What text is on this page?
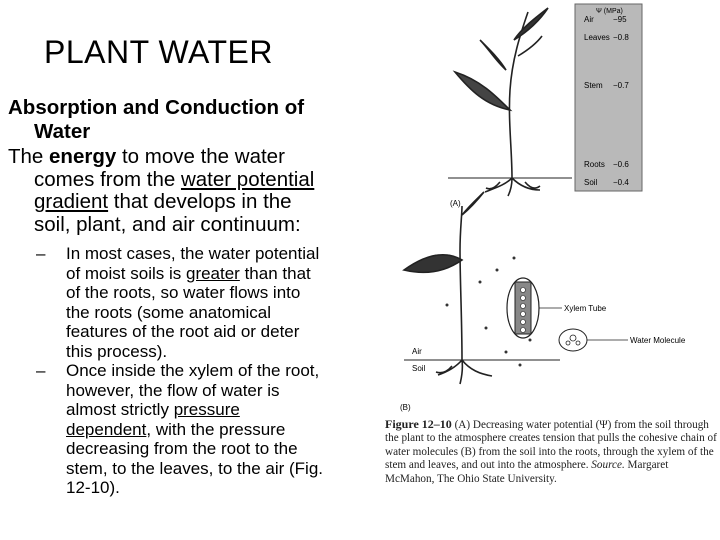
PLANT WATER
Absorption and Conduction of
Water
The energy to move the water
comes from the water potential
gradient that develops in the
soil, plant, and air continuum:
– In most cases, the water potential
of moist soils is greater than that
of the roots, so water flows into
the roots (some anatomical
features of the root aid or deter
this process).
– Once inside the xylem of the root,
however, the flow of water is
almost strictly pressure
dependent, with the pressure
decreasing from the root to the
stem, to the leaves, to the air (Fig.
12-10).
Ψ (MPa)
Air −95
Leaves −0.8
Stem −0.7
Roots −0.6
Soil −0.4
(A)
Xylem Tube
Water Molecule
Air
Soil
(B)
Figure 12–10 (A) Decreasing water potential (Ψ) from the soil through the plant to the atmosphere creates tension that pulls the cohesive chain of water molecules (B) from the soil into the roots, through the xylem of the stem and leaves, and out into the atmosphere. Source. Margaret McMahon, The Ohio State University.
